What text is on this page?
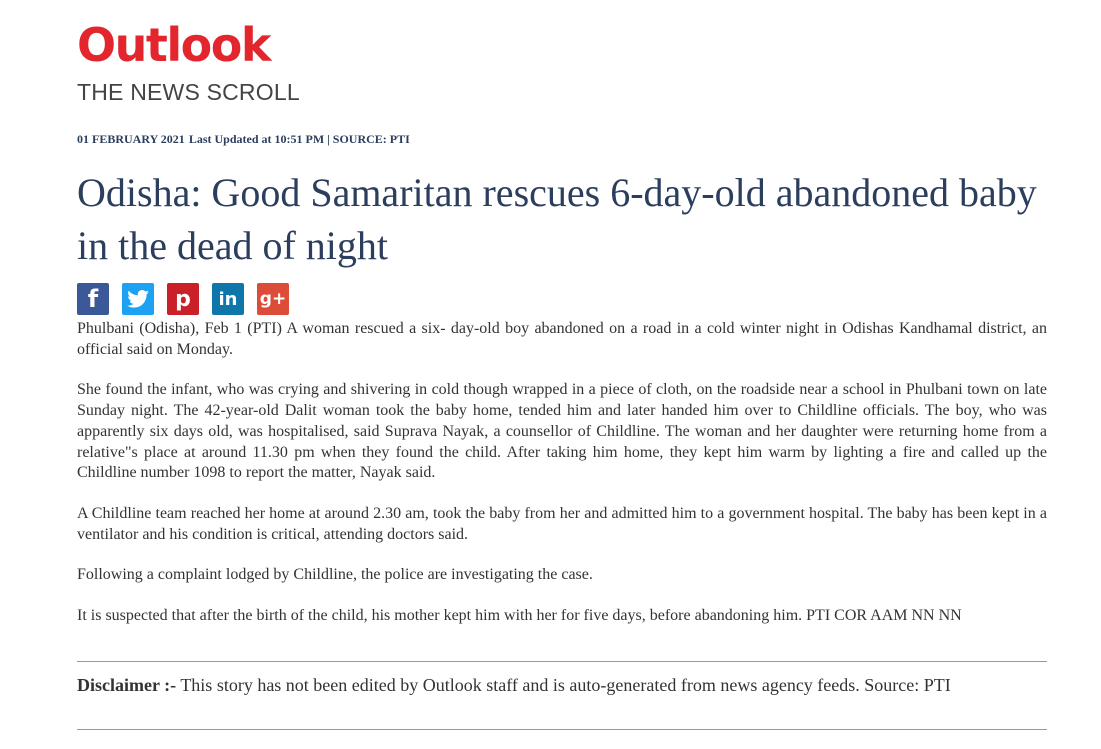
Outlook
THE NEWS SCROLL
01 FEBRUARY 2021 Last Updated at 10:51 PM | SOURCE: PTI
Odisha: Good Samaritan rescues 6-day-old abandoned baby in the dead of night
f	p	in	g+

Phulbani (Odisha), Feb 1 (PTI) A woman rescued a six- day-old boy abandoned on a road in a cold winter night in Odishas Kandhamal district, an official said on Monday.

She found the infant, who was crying and shivering in cold though wrapped in a piece of cloth, on the roadside near a school in Phulbani town on late Sunday night. The 42-year-old Dalit woman took the baby home, tended him and later handed him over to Childline officials. The boy, who was apparently six days old, was hospitalised, said Suprava Nayak, a counsellor of Childline. The woman and her daughter were returning home from a relative"s place at around 11.30 pm when they found the child. After taking him home, they kept him warm by lighting a fire and called up the Childline number 1098 to report the matter, Nayak said.

A Childline team reached her home at around 2.30 am, took the baby from her and admitted him to a government hospital. The baby has been kept in a ventilator and his condition is critical, attending doctors said.

Following a complaint lodged by Childline, the police are investigating the case.

It is suspected that after the birth of the child, his mother kept him with her for five days, before abandoning him. PTI COR AAM NN NN

Disclaimer :- This story has not been edited by Outlook staff and is auto-generated from news agency feeds. Source: PTI
